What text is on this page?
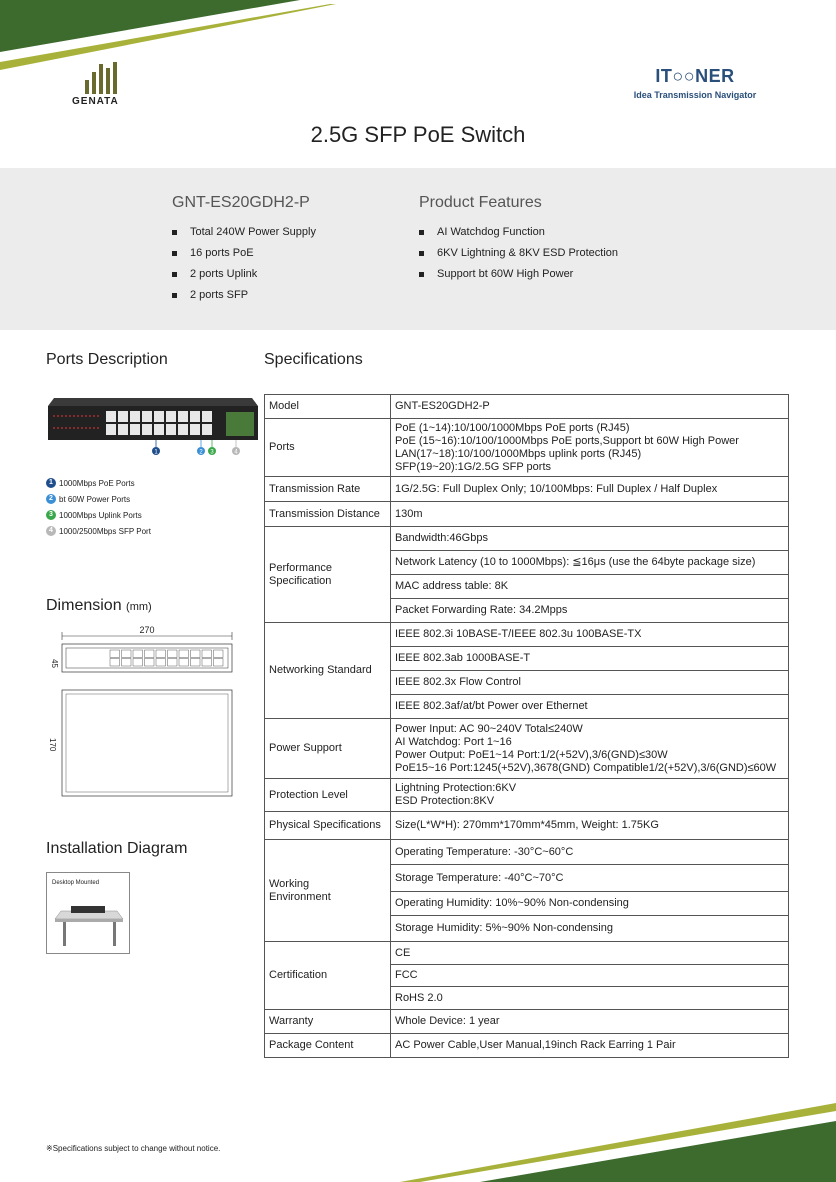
GENATA
IT○○NER
Idea Transmission Navigator
2.5G SFP PoE Switch
GNT-ES20GDH2-P	Product Features
Total 240W Power Supply
16 ports PoE
2 ports Uplink
2 ports SFP
AI Watchdog Function
6KV Lightning & 8KV ESD Protection
Support bt 60W High Power
Ports Description	Specifications
Dimension (mm)
Installation Diagram
1	2 3	4
1 1000Mbps PoE Ports
2 bt 60W Power Ports
3 1000Mbps Uplink Ports
4 1000/2500Mbps SFP Port
270
45
170
Desktop Mounted
Model	GNT-ES20GDH2-P
Ports	PoE (1~14):10/100/1000Mbps PoE ports (RJ45)
PoE (15~16):10/100/1000Mbps PoE ports,Support bt 60W High Power
LAN(17~18):10/100/1000Mbps uplink ports (RJ45)
SFP(19~20):1G/2.5G SFP ports
Transmission Rate	1G/2.5G: Full Duplex Only; 10/100Mbps: Full Duplex / Half Duplex
Transmission Distance	130m
Performance
Specification	Bandwidth:46Gbps
	Network Latency (10 to 1000Mbps): ≦16μs (use the 64byte package size)
	MAC address table: 8K
	Packet Forwarding Rate: 34.2Mpps
Networking Standard	IEEE 802.3i 10BASE-T/IEEE 802.3u 100BASE-TX
	IEEE 802.3ab 1000BASE-T
	IEEE 802.3x Flow Control
	IEEE 802.3af/at/bt Power over Ethernet
Power Support	Power Input: AC 90~240V Total≤240W
AI Watchdog: Port 1~16
Power Output: PoE1~14 Port:1/2(+52V),3/6(GND)≤30W
PoE15~16 Port:1245(+52V),3678(GND) Compatible1/2(+52V),3/6(GND)≤60W
Protection Level	Lightning Protection:6KV
ESD Protection:8KV
Physical Specifications	Size(L*W*H): 270mm*170mm*45mm, Weight: 1.75KG
Working
Environment	Operating Temperature: -30°C~60°C
	Storage Temperature: -40°C~70°C
	Operating Humidity: 10%~90% Non-condensing
	Storage Humidity: 5%~90% Non-condensing
Certification	CE
	FCC
	RoHS 2.0
Warranty	Whole Device: 1 year
Package Content	AC Power Cable,User Manual,19inch Rack Earring 1 Pair
※Specifications subject to change without notice.
